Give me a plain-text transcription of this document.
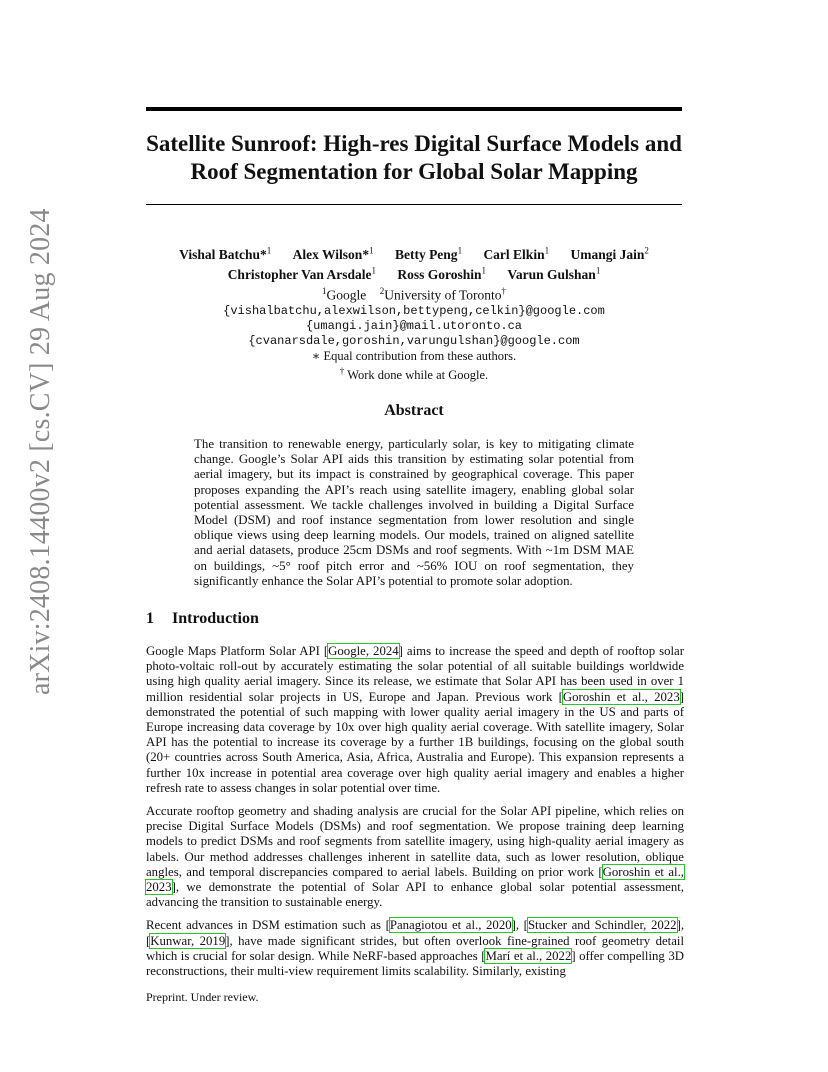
arXiv:2408.14400v2 [cs.CV] 29 Aug 2024
Satellite Sunroof: High-res Digital Surface Models and
Roof Segmentation for Global Solar Mapping
Vishal Batchu*$^1$ Alex Wilson*$^1$ Betty Peng$^1$ Carl Elkin$^1$ Umangi Jain$^2$
Christopher Van Arsdale$^1$ Ross Goroshin$^1$ Varun Gulshan$^1$
$^1$Google $^2$University of Toronto†
{vishalbatchu,alexwilson,bettypeng,celkin}@google.com
{umangi.jain}@mail.utoronto.ca
{cvanarsdale,goroshin,varungulshan}@google.com
∗ Equal contribution from these authors.
† Work done while at Google.
Abstract
The transition to renewable energy, particularly solar, is key to mitigating climate change. Google’s Solar API aids this transition by estimating solar potential from aerial imagery, but its impact is constrained by geographical coverage. This paper proposes expanding the API’s reach using satellite imagery, enabling global solar potential assessment. We tackle challenges involved in building a Digital Surface Model (DSM) and roof instance segmentation from lower resolution and single oblique views using deep learning models. Our models, trained on aligned satellite and aerial datasets, produce 25cm DSMs and roof segments. With ~1m DSM MAE on buildings, ~5° roof pitch error and ~56% IOU on roof segmentation, they significantly enhance the Solar API’s potential to promote solar adoption.
1 Introduction

Google Maps Platform Solar API [Google, 2024] aims to increase the speed and depth of rooftop solar photo-voltaic roll-out by accurately estimating the solar potential of all suitable buildings worldwide using high quality aerial imagery. Since its release, we estimate that Solar API has been used in over 1 million residential solar projects in US, Europe and Japan. Previous work [Goroshin et al., 2023] demonstrated the potential of such mapping with lower quality aerial imagery in the US and parts of Europe increasing data coverage by 10x over high quality aerial coverage. With satellite imagery, Solar API has the potential to increase its coverage by a further 1B buildings, focusing on the global south (20+ countries across South America, Asia, Africa, Australia and Europe). This expansion represents a further 10x increase in potential area coverage over high quality aerial imagery and enables a higher refresh rate to assess changes in solar potential over time.

Accurate rooftop geometry and shading analysis are crucial for the Solar API pipeline, which relies on precise Digital Surface Models (DSMs) and roof segmentation. We propose training deep learning models to predict DSMs and roof segments from satellite imagery, using high-quality aerial imagery as labels. Our method addresses challenges inherent in satellite data, such as lower resolution, oblique angles, and temporal discrepancies compared to aerial labels. Building on prior work [Goroshin et al., 2023], we demonstrate the potential of Solar API to enhance global solar potential assessment, advancing the transition to sustainable energy.

Recent advances in DSM estimation such as [Panagiotou et al., 2020], [Stucker and Schindler, 2022], [Kunwar, 2019], have made significant strides, but often overlook fine-grained roof geometry detail which is crucial for solar design. While NeRF-based approaches [Marí et al., 2022] offer compelling 3D reconstructions, their multi-view requirement limits scalability. Similarly, existing

Preprint. Under review.
